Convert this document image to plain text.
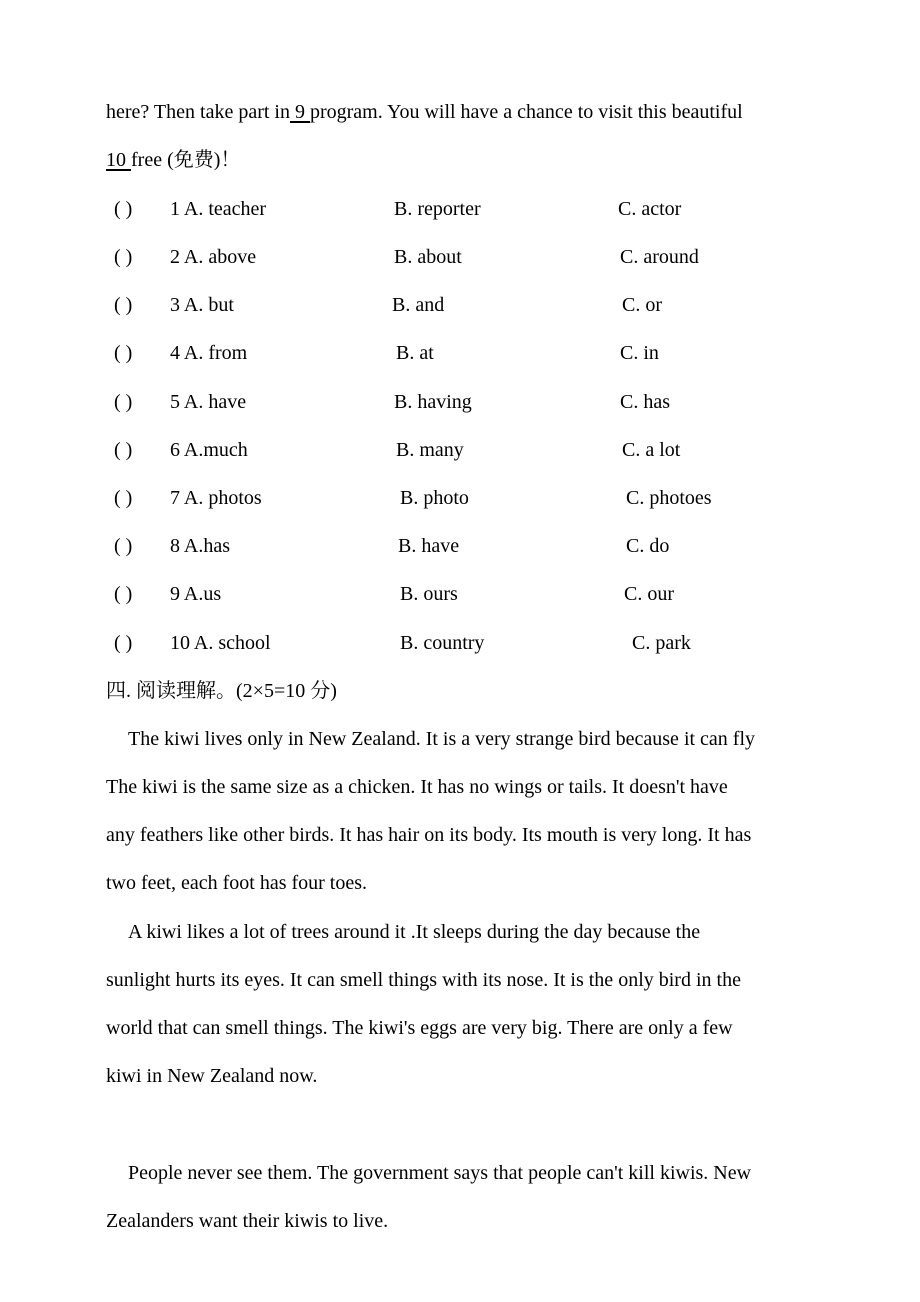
here? Then take part in 9 program. You will have a chance to visit this beautiful
10 free (免费)！
( ) 1 A. teacher	B. reporter	C. actor
( ) 2 A. above	B. about	C. around
( ) 3 A. but	B. and	C. or
( ) 4 A. from	B. at	C. in
( ) 5 A. have	B. having	C. has
( ) 6 A.much	B. many	C. a lot
( ) 7 A. photos	B. photo	C. photoes
( ) 8 A.has	B. have	C. do
( ) 9 A.us	B. ours	C. our
( ) 10 A. school	B. country	C. park
四. 阅读理解。(2×5=10 分)
The kiwi lives only in New Zealand. It is a very strange bird because it can fly
The kiwi is the same size as a chicken. It has no wings or tails. It doesn't have
any feathers like other birds. It has hair on its body. Its mouth is very long. It has
two feet, each foot has four toes.
A kiwi likes a lot of trees around it .It sleeps during the day because the
sunlight hurts its eyes. It can smell things with its nose. It is the only bird in the
world that can smell things. The kiwi's eggs are very big. There are only a few
kiwi in New Zealand now.
People never see them. The government says that people can't kill kiwis. New
Zealanders want their kiwis to live.
